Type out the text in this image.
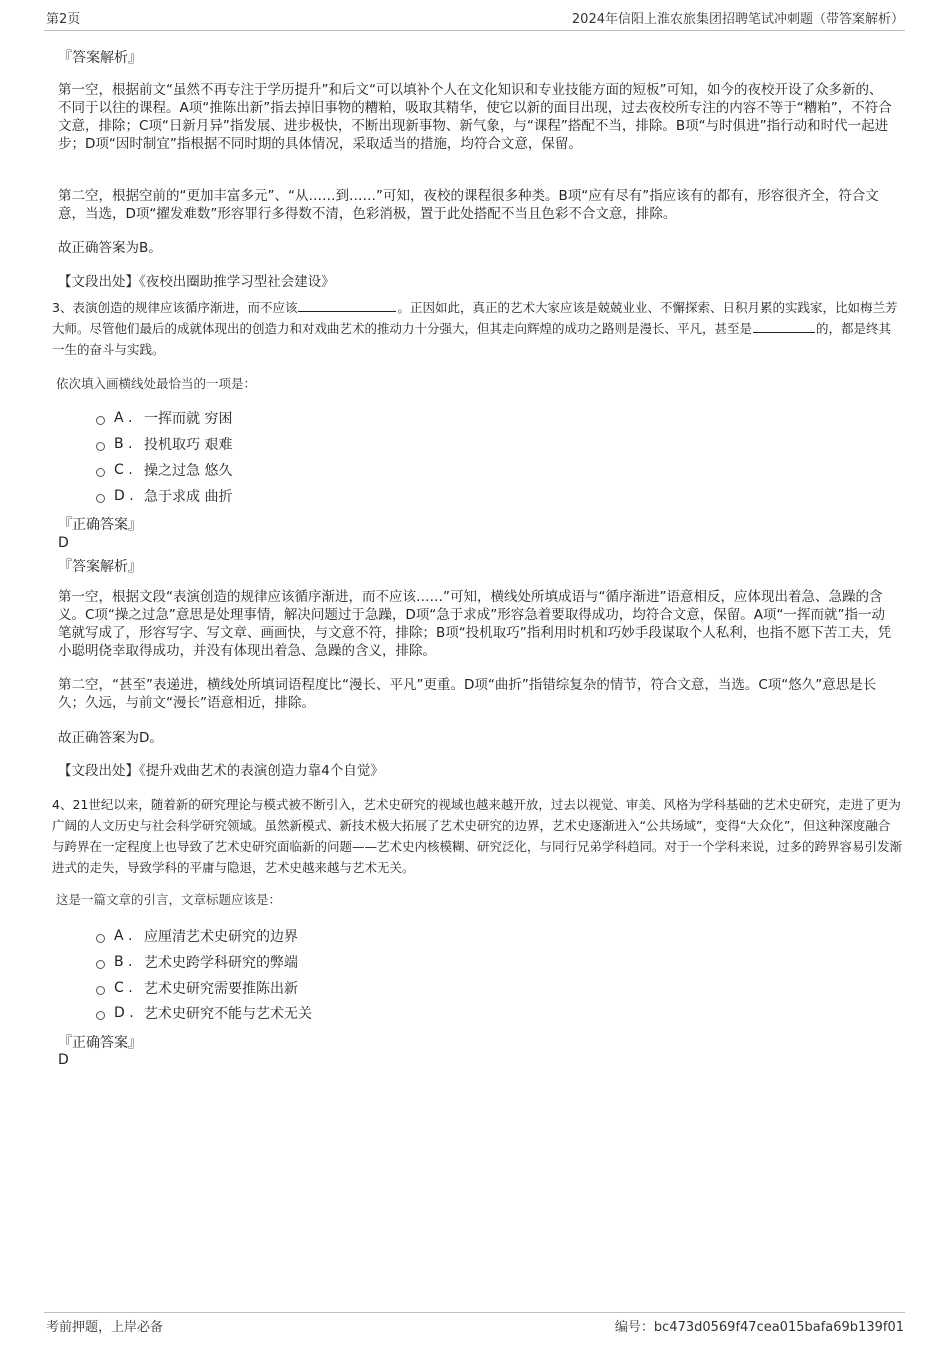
第2页	2024年信阳上淮农旅集团招聘笔试冲刺题（带答案解析）
『答案解析』
第一空，根据前文“虽然不再专注于学历提升”和后文“可以填补个人在文化知识和专业技能方面的短板”可知，如今的夜校开设了众多新的、不同于以往的课程。A项“推陈出新”指去掉旧事物的糟粕，吸取其精华，使它以新的面目出现，过去夜校所专注的内容不等于“糟粕”，不符合文意，排除；C项“日新月异”指发展、进步极快，不断出现新事物、新气象，与“课程”搭配不当，排除。B项“与时俱进”指行动和时代一起进步；D项“因时制宜”指根据不同时期的具体情况，采取适当的措施，均符合文意，保留。
第二空，根据空前的“更加丰富多元”、“从……到……”可知，夜校的课程很多种类。B项“应有尽有”指应该有的都有，形容很齐全，符合文意，当选，D项“擢发难数”形容罪行多得数不清，色彩消极，置于此处搭配不当且色彩不合文意，排除。
故正确答案为B。
【文段出处】《夜校出圈助推学习型社会建设》
3、表演创造的规律应该循序渐进，而不应该	。正因如此，真正的艺术大家应该是兢兢业业、不懈探索、日积月累的实践家，比如梅兰芳大师。尽管他们最后的成就体现出的创造力和对戏曲艺术的推动力十分强大，但其走向辉煌的成功之路则是漫长、平凡，甚至是	的，都是终其一生的奋斗与实践。
依次填入画横线处最恰当的一项是：
A . 一挥而就 穷困
B . 投机取巧 艰难
C . 操之过急 悠久
D . 急于求成 曲折
『正确答案』
D
『答案解析』
第一空，根据文段“表演创造的规律应该循序渐进，而不应该……”可知，横线处所填成语与“循序渐进”语意相反，应体现出着急、急躁的含义。C项“操之过急”意思是处理事情，解决问题过于急躁，D项“急于求成”形容急着要取得成功，均符合文意，保留。A项“一挥而就”指一动笔就写成了，形容写字、写文章、画画快，与文意不符，排除；B项“投机取巧”指利用时机和巧妙手段谋取个人私利，也指不愿下苦工夫，凭小聪明侥幸取得成功，并没有体现出着急、急躁的含义，排除。
第二空，“甚至”表递进，横线处所填词语程度比“漫长、平凡”更重。D项“曲折”指错综复杂的情节，符合文意，当选。C项“悠久”意思是长久；久远，与前文“漫长”语意相近，排除。
故正确答案为D。
【文段出处】《提升戏曲艺术的表演创造力靠4个自觉》
4、21世纪以来，随着新的研究理论与模式被不断引入，艺术史研究的视域也越来越开放，过去以视觉、审美、风格为学科基础的艺术史研究，走进了更为广阔的人文历史与社会科学研究领域。虽然新模式、新技术极大拓展了艺术史研究的边界，艺术史逐渐进入“公共场域”，变得“大众化”，但这种深度融合与跨界在一定程度上也导致了艺术史研究面临新的问题——艺术史内核模糊、研究泛化，与同行兄弟学科趋同。对于一个学科来说，过多的跨界容易引发渐进式的走失，导致学科的平庸与隐退，艺术史越来越与艺术无关。
这是一篇文章的引言，文章标题应该是：
A . 应厘清艺术史研究的边界
B . 艺术史跨学科研究的弊端
C . 艺术史研究需要推陈出新
D . 艺术史研究不能与艺术无关
『正确答案』
D
考前押题，上岸必备	编号：bc473d0569f47cea015bafa69b139f01
